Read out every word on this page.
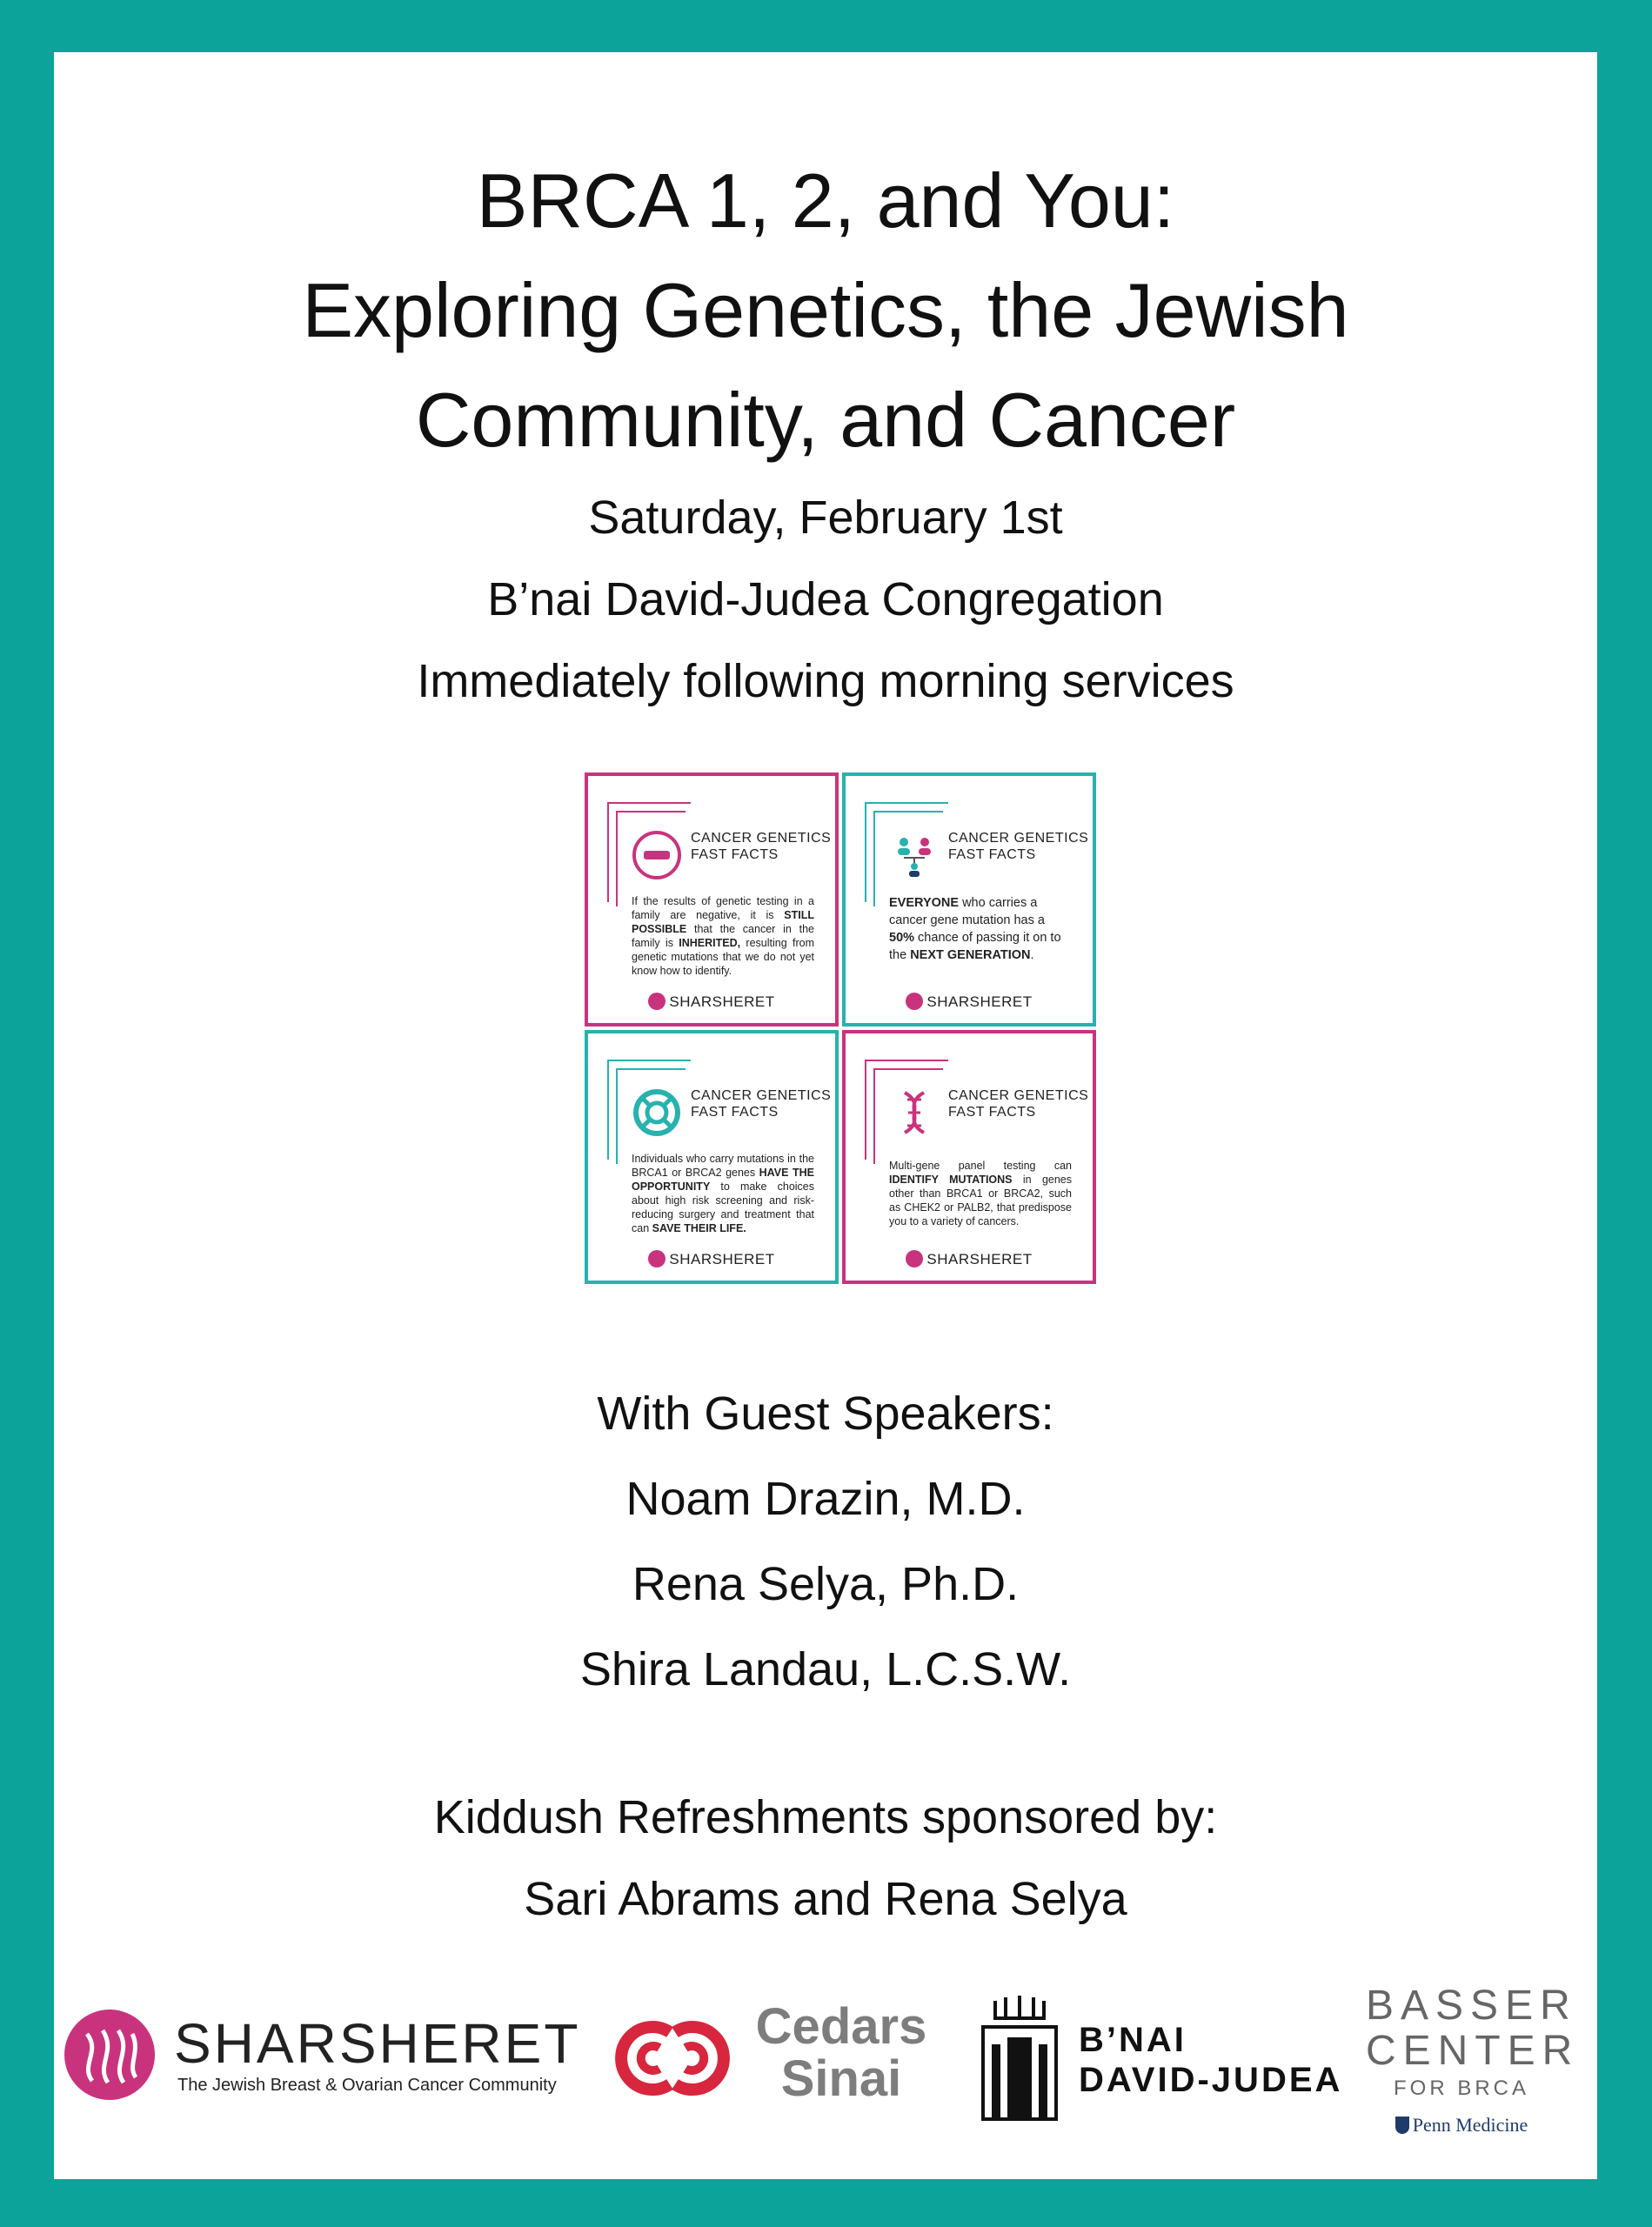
BRCA 1, 2, and You:
Exploring Genetics, the Jewish
Community, and Cancer
Saturday, February 1st
B’nai David-Judea Congregation
Immediately following morning services
CANCER GENETICS
FAST FACTS
If the results of genetic testing in a family are negative, it is STILL POSSIBLE that the cancer in the family is INHERITED, resulting from genetic mutations that we do not yet know how to identify.
SHARSHERET
CANCER GENETICS
FAST FACTS
EVERYONE who carries a cancer gene mutation has a 50% chance of passing it on to the NEXT GENERATION.
SHARSHERET
CANCER GENETICS
FAST FACTS
Individuals who carry mutations in the BRCA1 or BRCA2 genes HAVE THE OPPORTUNITY to make choices about high risk screening and risk-reducing surgery and treatment that can SAVE THEIR LIFE.
SHARSHERET
CANCER GENETICS
FAST FACTS
Multi-gene panel testing can IDENTIFY MUTATIONS in genes other than BRCA1 or BRCA2, such as CHEK2 or PALB2, that predispose you to a variety of cancers.
SHARSHERET
With Guest Speakers:
Noam Drazin, M.D.
Rena Selya, Ph.D.
Shira Landau, L.C.S.W.
Kiddush Refreshments sponsored by:
Sari Abrams and Rena Selya
SHARSHERET
The Jewish Breast & Ovarian Cancer Community
Cedars
Sinai
B’NAI
DAVID-JUDEA
BASSER
CENTER
FOR BRCA
Penn Medicine
